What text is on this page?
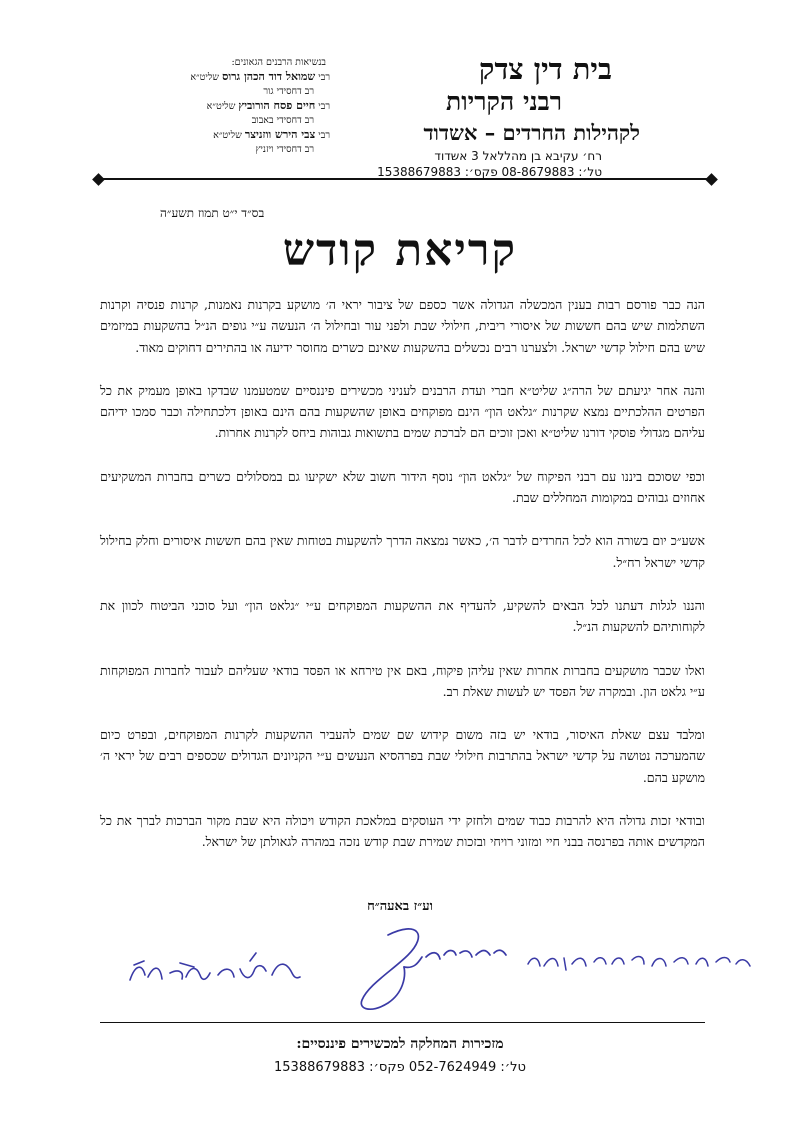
בית דין צדק
רבני הקריות
לקהילות החרדים – אשדוד
רח׳ עקיבא בן מהללאל 3 אשדוד
טל׳: 08-8679883 פקס׳: 15388679883
בנשיאות הרבנים הגאונים:
רבי שמואל דוד הכהן גרוס שליט״א
רב דחסידי גור
רבי חיים פסח הורוביץ שליט״א
רב דחסידי באבוב
רבי צבי הירש ווזניצר שליט״א
רב דחסידי ויזניץ
בס״ד י״ט תמוז תשע״ה
קריאת קודש

הנה כבר פורסם רבות בענין המכשלה הגדולה אשר כספם של ציבור יראי ה׳ מושקע בקרנות נאמנות, קרנות פנסיה וקרנות השתלמות שיש בהם חששות של איסורי ריבית, חילולי שבת ולפני עור ובחילול ה׳ הנעשה ע״י גופים הנ״ל בהשקעות במיזמים שיש בהם חילול קדשי ישראל. ולצערנו רבים נכשלים בהשקעות שאינם כשרים מחוסר ידיעה או בהתירים דחוקים מאוד.

והנה אחר יגיעתם של הרה״ג שליט״א חברי ועדת הרבנים לעניני מכשירים פיננסיים שמטעמנו שבדקו באופן מעמיק את כל הפרטים ההלכתיים נמצא שקרנות ״גלאט הון״ הינם מפוקחים באופן שהשקעות בהם הינם באופן דלכתחילה וכבר סמכו ידיהם עליהם מגדולי פוסקי דורנו שליט״א ואכן זוכים הם לברכת שמים בתשואות גבוהות ביחס לקרנות אחרות.

וכפי שסוכם ביננו עם רבני הפיקוח של ״גלאט הון״ נוסף הידור חשוב שלא ישקיעו גם במסלולים כשרים בחברות המשקיעים אחוזים גבוהים במקומות המחללים שבת.

אשע״כ יום בשורה הוא לכל החרדים לדבר ה׳, כאשר נמצאה הדרך להשקעות בטוחות שאין בהם חששות איסורים וחלק בחילול קדשי ישראל רח״ל.

והננו לגלות דעתנו לכל הבאים להשקיע, להעדיף את ההשקעות המפוקחים ע״י ״גלאט הון״ ועל סוכני הביטוח לכוון את לקוחותיהם להשקעות הנ״ל.

ואלו שכבר מושקעים בחברות אחרות שאין עליהן פיקוח, באם אין טירחא או הפסד בודאי שעליהם לעבור לחברות המפוקחות ע״י גלאט הון. ובמקרה של הפסד יש לעשות שאלת רב.

ומלבד עצם שאלת האיסור, בודאי יש בזה משום קידוש שם שמים להעביר ההשקעות לקרנות המפוקחים, ובפרט כיום שהמערכה נטושה על קדשי ישראל בהתרבות חילולי שבת בפרהסיא הנעשים ע״י הקניונים הגדולים שכספים רבים של יראי ה׳ מושקע בהם.

ובודאי זכות גדולה היא להרבות כבוד שמים ולחזק ידי העוסקים במלאכת הקודש ויכולה היא שבת מקור הברכות לברך את כל המקדשים אותה בפרנסה בבני חיי ומזוני רויחי ובזכות שמירת שבת קודש נזכה במהרה לגאולתן של ישראל.

וע״ז באעה״ח
מזכירות המחלקה למכשירים פיננסיים:
טל׳: 052-7624949 פקס׳: 15388679883
